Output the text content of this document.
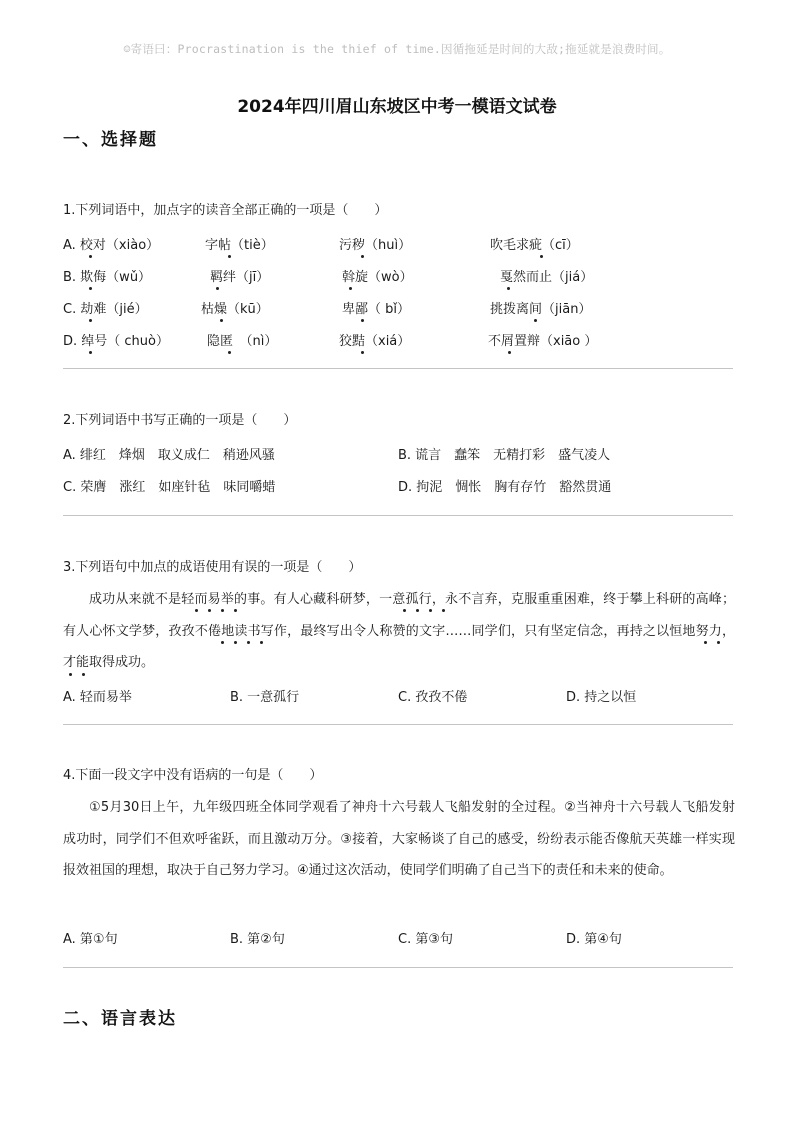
☺寄语曰：Procrastination is the thief of time.因循拖延是时间的大敌;拖延就是浪费时间。
2024年四川眉山东坡区中考一模语文试卷
一、选择题
1.下列词语中，加点字的读音全部正确的一项是（　　）
A. 校对（xiào）	字帖（tiè）	污秽（huì）	吹毛求疵（cī）
B. 欺侮（wǔ）	羁绊（jī）	斡旋（wò）	戛然而止（jiá）
C. 劫难（jié）	枯燥（kū）	卑鄙（ bǐ）	挑拨离间（jiān）
D. 绰号（ chuò）	隐匿　（nì）	狡黠（xiá）	不屑置辩（xiāo ）
2.下列词语中书写正确的一项是（　　）
A. 绯红　烽烟　取义成仁　稍逊风骚	B. 谎言　蠢笨　无精打彩　盛气凌人
C. 荣膺　涨红　如座针毡　味同嚼蜡	D. 拘泥　惆怅　胸有存竹　豁然贯通
3.下列语句中加点的成语使用有误的一项是（　　）
成功从来就不是轻而易举的事。有人心藏科研梦，一意孤行，永不言弃，克服重重困难，终于攀上科研的高峰；有人心怀文学梦，孜孜不倦地读书写作，最终写出令人称赞的文字……同学们，只有坚定信念，再持之以恒地努力，才能取得成功。
A. 轻而易举	B. 一意孤行	C. 孜孜不倦	D. 持之以恒
4.下面一段文字中没有语病的一句是（　　）
①5月30日上午，九年级四班全体同学观看了神舟十六号载人飞船发射的全过程。②当神舟十六号载人飞船发射成功时，同学们不但欢呼雀跃，而且激动万分。③接着，大家畅谈了自己的感受，纷纷表示能否像航天英雄一样实现报效祖国的理想，取决于自己努力学习。④通过这次活动，使同学们明确了自己当下的责任和未来的使命。
A. 第①句	B. 第②句	C. 第③句	D. 第④句
二、语言表达
